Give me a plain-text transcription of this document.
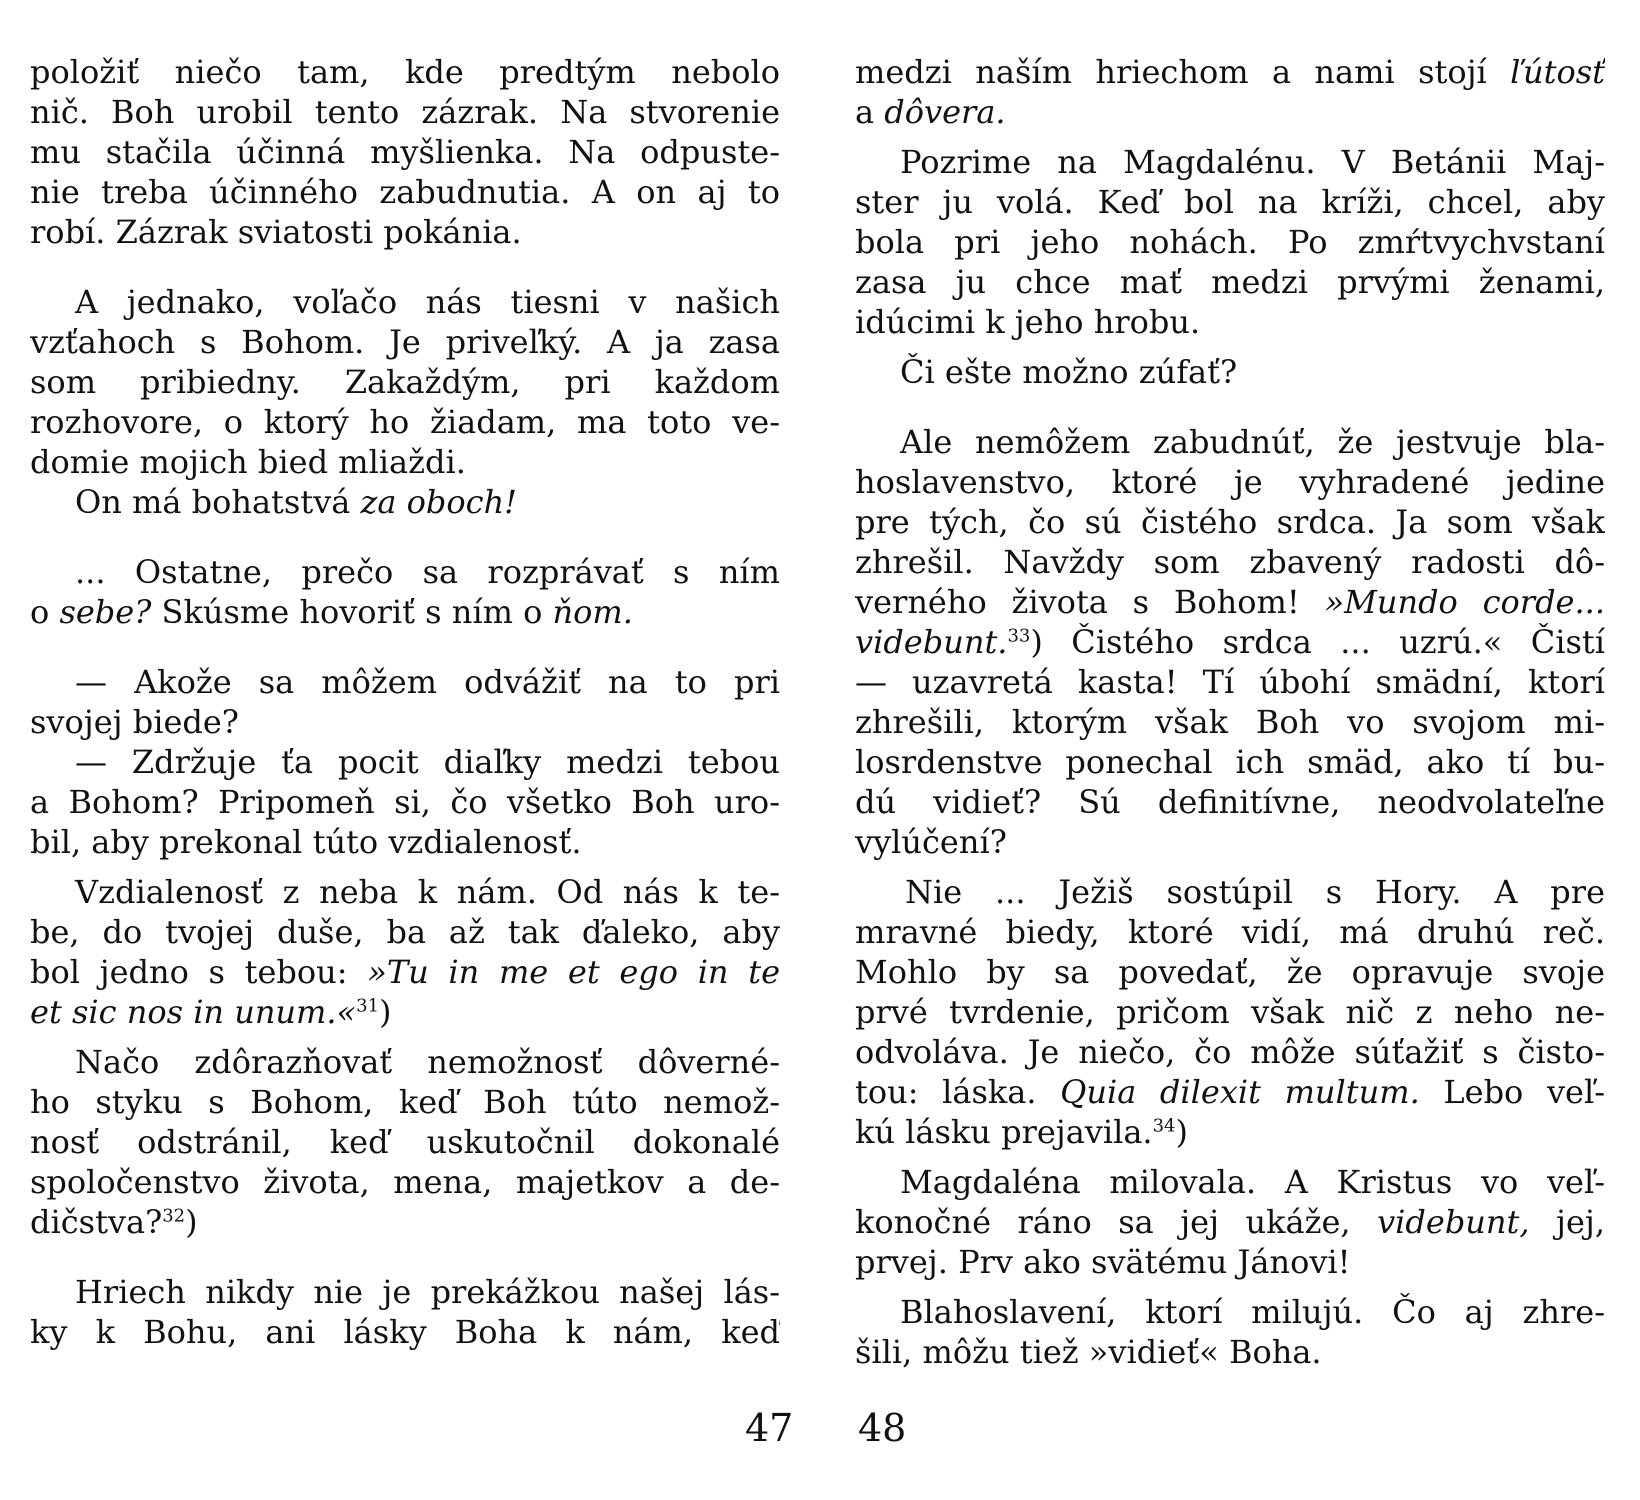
položiť niečo tam, kde predtým nebolo
nič. Boh urobil tento zázrak. Na stvorenie
mu stačila účinná myšlienka. Na odpuste-
nie treba účinného zabudnutia. A on aj to
robí. Zázrak sviatosti pokánia.
A jednako, voľačo nás tiesni v našich
vzťahoch s Bohom. Je priveľký. A ja zasa
som pribiedny. Zakaždým, pri každom
rozhovore, o ktorý ho žiadam, ma toto ve-
domie mojich bied mliaždi.
On má bohatstvá za oboch!
... Ostatne, prečo sa rozprávať s ním
o sebe? Skúsme hovoriť s ním o ňom.
— Akože sa môžem odvážiť na to pri
svojej biede?
— Zdržuje ťa pocit diaľky medzi tebou
a Bohom? Pripomeň si, čo všetko Boh uro-
bil, aby prekonal túto vzdialenosť.
Vzdialenosť z neba k nám. Od nás k te-
be, do tvojej duše, ba až tak ďaleko, aby
bol jedno s tebou: »Tu in me et ego in te
et sic nos in unum.«$^{31}$)
Načo zdôrazňovať nemožnosť dôverné-
ho styku s Bohom, keď Boh túto nemož-
nosť odstránil, keď uskutočnil dokonalé
spoločenstvo života, mena, majetkov a de-
dičstva?$^{32}$)
Hriech nikdy nie je prekážkou našej lás-
ky k Bohu, ani lásky Boha k nám, keď
medzi naším hriechom a nami stojí ľútosť
a dôvera.
Pozrime na Magdalénu. V Betánii Maj-
ster ju volá. Keď bol na kríži, chcel, aby
bola pri jeho nohách. Po zmŕtvychvstaní
zasa ju chce mať medzi prvými ženami,
idúcimi k jeho hrobu.
Či ešte možno zúfať?
Ale nemôžem zabudnúť, že jestvuje bla-
hoslavenstvo, ktoré je vyhradené jedine
pre tých, čo sú čistého srdca. Ja som však
zhrešil. Navždy som zbavený radosti dô-
verného života s Bohom! »Mundo corde...
videbunt.$^{33}$) Čistého srdca ... uzrú.« Čistí
— uzavretá kasta! Tí úbohí smädní, ktorí
zhrešili, ktorým však Boh vo svojom mi-
losrdenstve ponechal ich smäd, ako tí bu-
dú vidieť? Sú definitívne, neodvolateľne
vylúčení?
Nie ... Ježiš sostúpil s Hory. A pre
mravné biedy, ktoré vidí, má druhú reč.
Mohlo by sa povedať, že opravuje svoje
prvé tvrdenie, pričom však nič z neho ne-
odvoláva. Je niečo, čo môže súťažiť s čisto-
tou: láska. Quia dilexit multum. Lebo veľ-
kú lásku prejavila.$^{34}$)
Magdaléna milovala. A Kristus vo veľ-
konočné ráno sa jej ukáže, videbunt, jej,
prvej. Prv ako svätému Jánovi!
Blahoslavení, ktorí milujú. Čo aj zhre-
šili, môžu tiež »vidieť« Boha.
47 48
